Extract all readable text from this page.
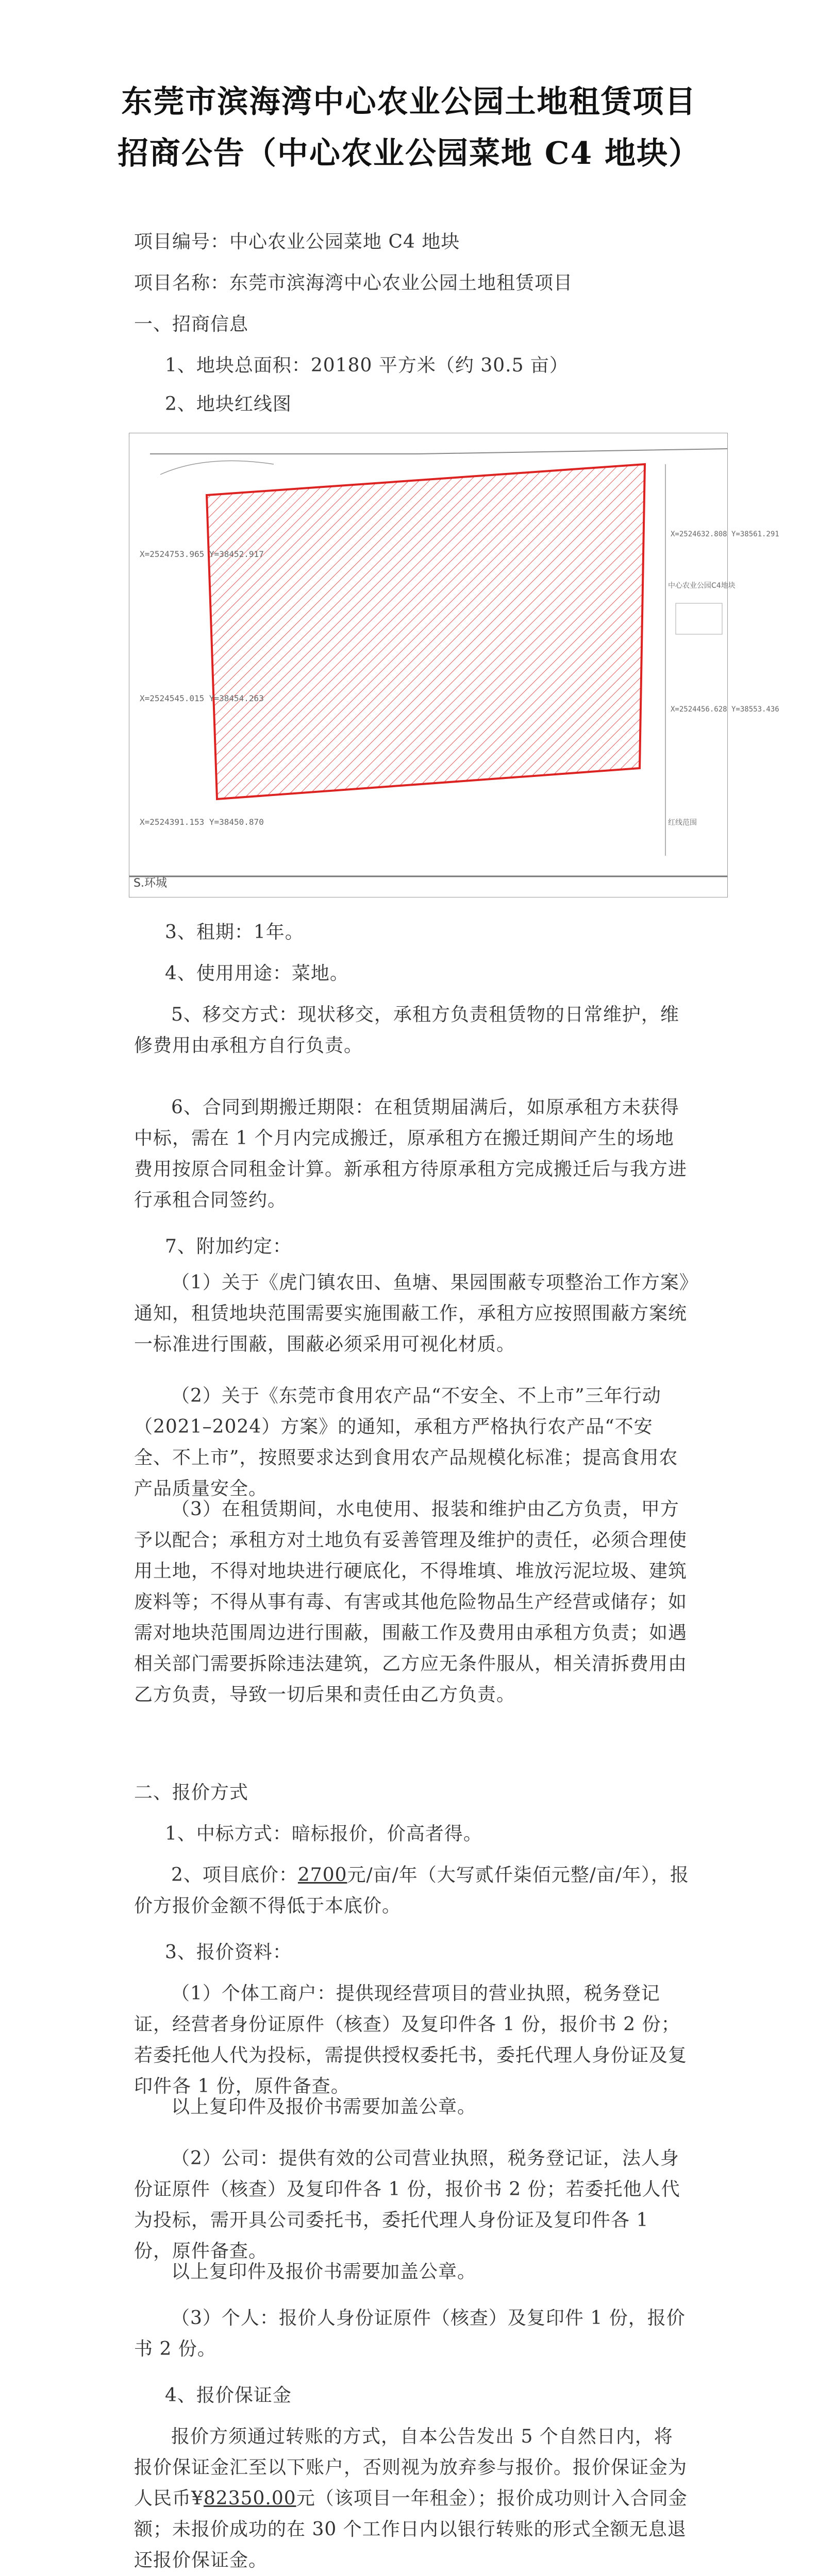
东莞市滨海湾中心农业公园土地租赁项目
招商公告（中心农业公园菜地 C4 地块）
项目编号：中心农业公园菜地 C4 地块
项目名称：东莞市滨海湾中心农业公园土地租赁项目
一、招商信息
1、地块总面积：20180 平方米（约 30.5 亩）
2、地块红线图
S.环城
X=2524753.965 Y=38452.917
X=2524632.808 Y=38561.291
X=2524456.628 Y=38553.436
X=2524391.153 Y=38450.870
X=2524545.015 Y=38454.263
中心农业公园C4地块
红线范围
3、租期：1年。
4、使用用途：菜地。
5、移交方式：现状移交，承租方负责租赁物的日常维护，维修费用由承租方自行负责。
6、合同到期搬迁期限：在租赁期届满后，如原承租方未获得中标，需在 1 个月内完成搬迁，原承租方在搬迁期间产生的场地费用按原合同租金计算。新承租方待原承租方完成搬迁后与我方进行承租合同签约。
7、附加约定：
（1）关于《虎门镇农田、鱼塘、果园围蔽专项整治工作方案》通知，租赁地块范围需要实施围蔽工作，承租方应按照围蔽方案统一标准进行围蔽，围蔽必须采用可视化材质。
（2）关于《东莞市食用农产品“不安全、不上市”三年行动（2021–2024）方案》的通知，承租方严格执行农产品“不安全、不上市”，按照要求达到食用农产品规模化标准；提高食用农产品质量安全。
（3）在租赁期间，水电使用、报装和维护由乙方负责，甲方予以配合；承租方对土地负有妥善管理及维护的责任，必须合理使用土地，不得对地块进行硬底化，不得堆填、堆放污泥垃圾、建筑废料等；不得从事有毒、有害或其他危险物品生产经营或储存；如需对地块范围周边进行围蔽，围蔽工作及费用由承租方负责；如遇相关部门需要拆除违法建筑，乙方应无条件服从，相关清拆费用由乙方负责，导致一切后果和责任由乙方负责。
二、报价方式
1、中标方式：暗标报价，价高者得。
2、项目底价：2700元/亩/年（大写贰仟柒佰元整/亩/年），报价方报价金额不得低于本底价。
3、报价资料：
（1）个体工商户：提供现经营项目的营业执照，税务登记证，经营者身份证原件（核查）及复印件各 1 份，报价书 2 份；若委托他人代为投标，需提供授权委托书，委托代理人身份证及复印件各 1 份，原件备查。
以上复印件及报价书需要加盖公章。
（2）公司：提供有效的公司营业执照，税务登记证，法人身份证原件（核查）及复印件各 1 份，报价书 2 份；若委托他人代为投标，需开具公司委托书，委托代理人身份证及复印件各 1 份，原件备查。
以上复印件及报价书需要加盖公章。
（3）个人：报价人身份证原件（核查）及复印件 1 份，报价书 2 份。
4、报价保证金
报价方须通过转账的方式，自本公告发出 5 个自然日内，将报价保证金汇至以下账户，否则视为放弃参与报价。报价保证金为人民币¥82350.00元（该项目一年租金）；报价成功则计入合同金额；未报价成功的在 30 个工作日内以银行转账的形式全额无息退还报价保证金。
